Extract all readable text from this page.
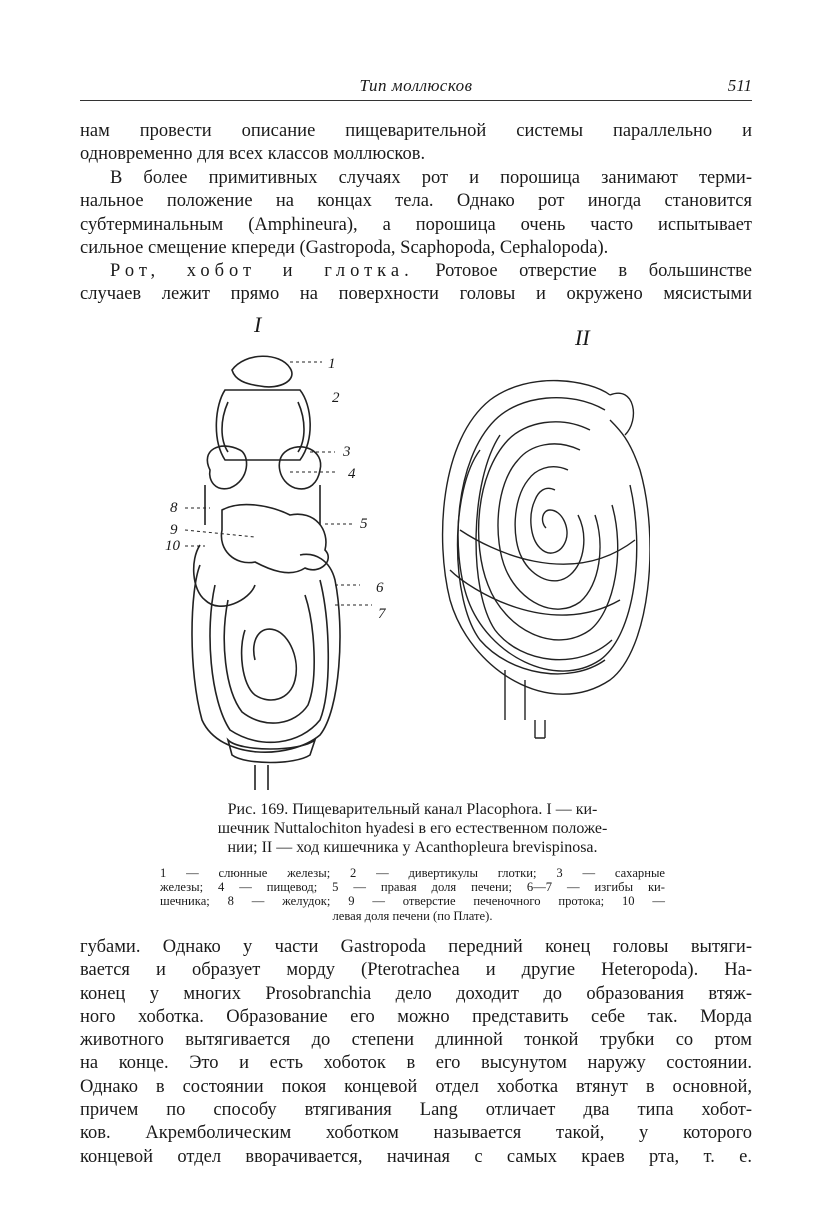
Тип моллюсков	511

нам провести описание пищеварительной системы параллельно и
одновременно для всех классов моллюсков.

В более примитивных случаях рот и порошица занимают терми-
нальное положение на концах тела. Однако рот иногда становится
субтерминальным (Amphineura), а порошица очень часто испытывает
сильное смещение кпереди (Gastropoda, Scaphopoda, Cephalopoda).

Рот, хобот и глотка. Ротовое отверстие в большинстве
случаев лежит прямо на поверхности головы и окружено мясистыми

I
II
1
2
3
4
5
6
7
8
9
10
Рис. 169. Пищеварительный канал Placophora. I — ки-
шечник Nuttalochiton hyadesi в его естественном положе-
нии; II — ход кишечника у Acanthopleura brevispinosa.
1 — слюнные железы; 2 — дивертикулы глотки; 3 — сахарные
железы; 4 — пищевод; 5 — правая доля печени; 6—7 — изгибы ки-
шечника; 8 — желудок; 9 — отверстие печеночного протока; 10 —
левая доля печени (по Плате).

губами. Однако у части Gastropoda передний конец головы вытяги-
вается и образует морду (Pterotrachea и другие Heteropoda). На-
конец у многих Prosobranchia дело доходит до образования втяж-
ного хоботка. Образование его можно представить себе так. Морда
животного вытягивается до степени длинной тонкой трубки со ртом
на конце. Это и есть хоботок в его высунутом наружу состоянии.
Однако в состоянии покоя концевой отдел хоботка втянут в основной,
причем по способу втягивания Lang отличает два типа хобот-
ков. Акремболическим хоботком называется такой, у которого
концевой отдел вворачивается, начиная с самых краев рта, т. е.
